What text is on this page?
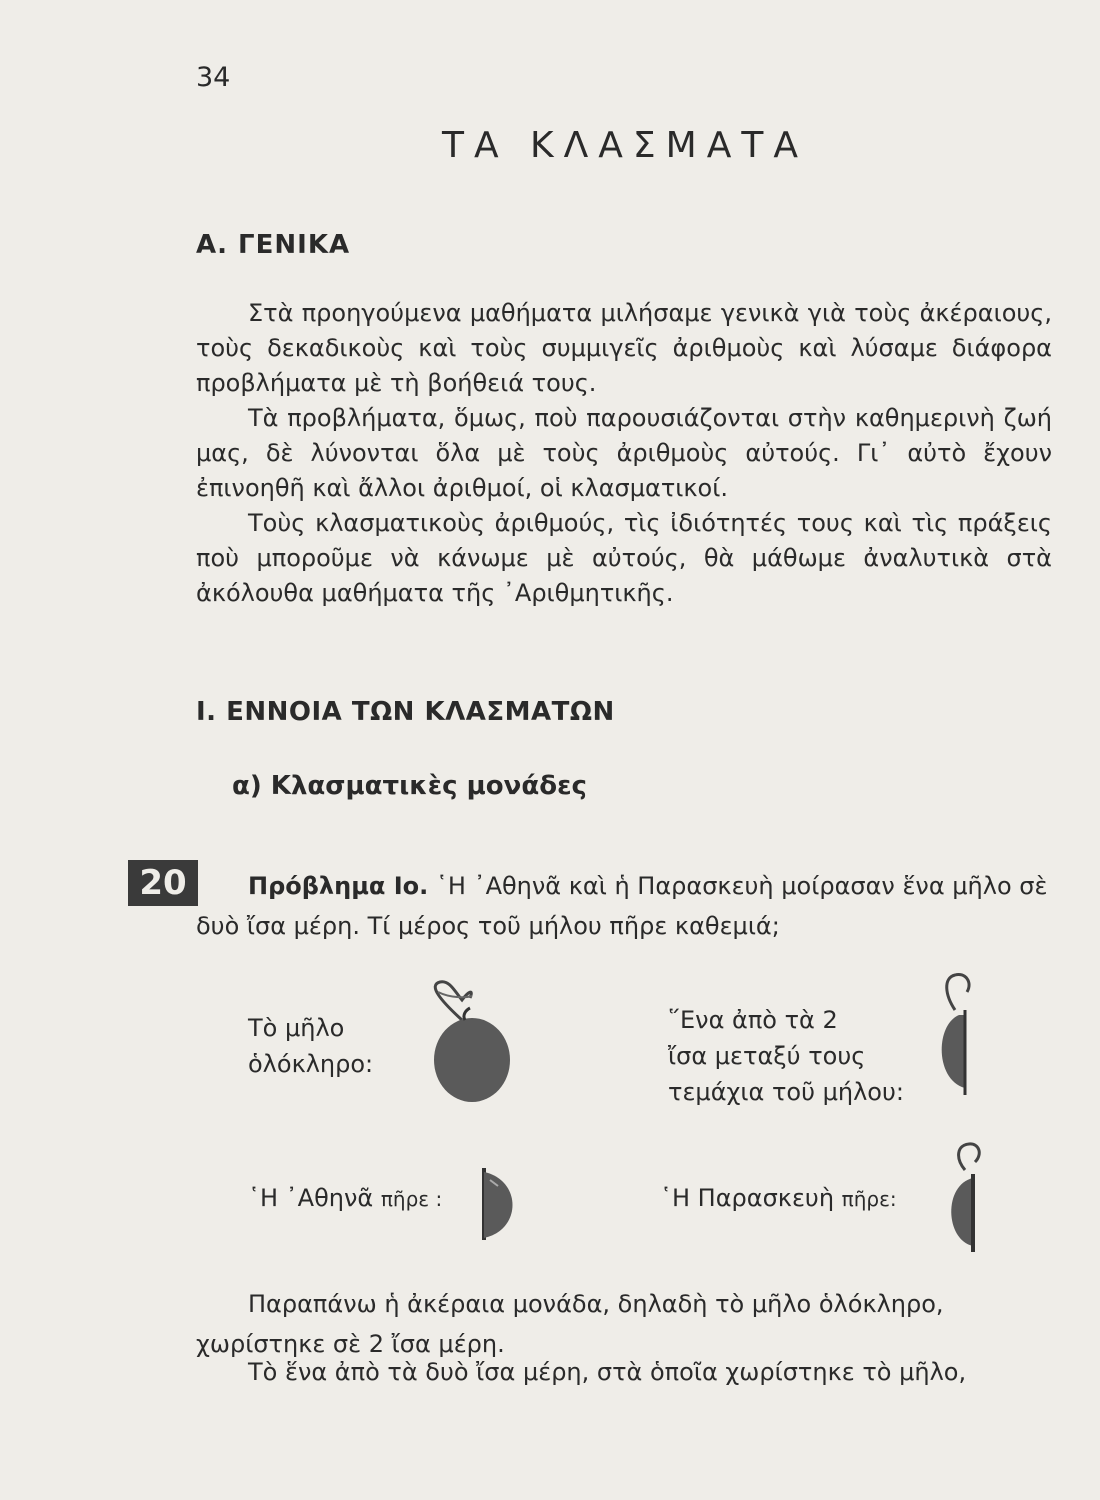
34
ΤΑ ΚΛΑΣΜΑΤΑ
Α. ΓΕΝΙΚΑ

Στὰ προηγούμενα μαθήματα μιλήσαμε γενικὰ γιὰ τοὺς ἀκέραιους, τοὺς δεκαδικοὺς καὶ τοὺς συμμιγεῖς ἀριθμοὺς καὶ λύσαμε διάφορα προβλήματα μὲ τὴ βοήθειά τους.

Τὰ προβλήματα, ὅμως, ποὺ παρουσιάζονται στὴν καθημερινὴ ζωή μας, δὲ λύνονται ὅλα μὲ τοὺς ἀριθμοὺς αὐτούς. Γι᾿ αὐτὸ ἔχουν ἐπινοηθῆ καὶ ἄλλοι ἀριθμοί, οἱ κλασματικοί.

Τοὺς κλασματικοὺς ἀριθμούς, τὶς ἰδιότητές τους καὶ τὶς πράξεις ποὺ μποροῦμε νὰ κάνωμε μὲ αὐτούς, θὰ μάθωμε ἀναλυτικὰ στὰ ἀκόλουθα μαθήματα τῆς ᾿Αριθμητικῆς.

Ι. ΕΝΝΟΙΑ ΤΩΝ ΚΛΑΣΜΑΤΩΝ
α) Κλασματικὲς μονάδες
20	Πρόβλημα Ιο. ῾Η ᾿Αθηνᾶ καὶ ἡ Παρασκευὴ μοίρασαν ἕνα μῆλο σὲ δυὸ ἴσα μέρη. Τί μέρος τοῦ μήλου πῆρε καθεμιά;

Τὸ μῆλο
ὁλόκληρο:

῞Ενα ἀπὸ τὰ 2
ἴσα μεταξύ τους
τεμάχια τοῦ μήλου:

῾Η ᾿Αθηνᾶ πῆρε :	῾Η Παρασκευὴ πῆρε:

Παραπάνω ἡ ἀκέραια μονάδα, δηλαδὴ τὸ μῆλο ὁλόκληρο, χωρίστηκε σὲ 2 ἴσα μέρη.

Τὸ ἕνα ἀπὸ τὰ δυὸ ἴσα μέρη, στὰ ὁποῖα χωρίστηκε τὸ μῆλο,
